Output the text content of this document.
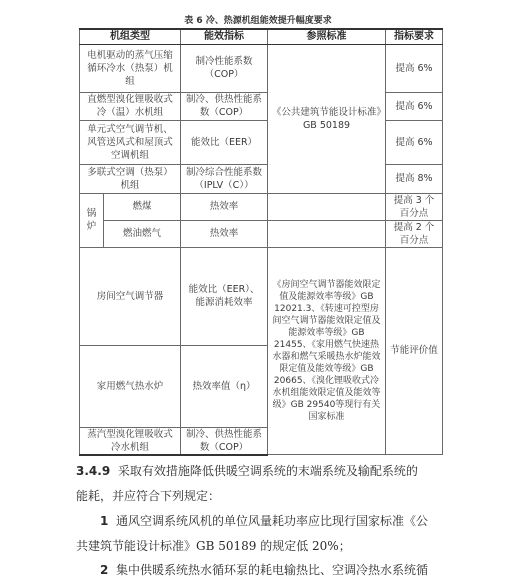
表 6 冷、热源机组能效提升幅度要求
机组类型		能效指标	参照标准	指标要求
电机驱动的蒸气压缩循环冷水（热泵）机组		制冷性能系数（COP）	《公共建筑节能设计标准》GB 50189	提高 6%
直燃型溴化锂吸收式冷（温）水机组		制冷、供热性能系数（COP）		提高 6%
单元式空气调节机、风管送风式和屋顶式空调机组		能效比（EER）		提高 6%
多联式空调（热泵）机组		制冷综合性能系数（IPLV（C））		提高 8%
锅炉	燃煤	热效率		提高 3 个百分点
	燃油燃气	热效率		提高 2 个百分点
房间空气调节器		能效比（EER）、能源消耗效率	《房间空气调节器能效限定值及能源效率等级》GB 12021.3、《转速可控型房间空气调节器能效限定值及能源效率等级》GB 21455、《家用燃气快速热水器和燃气采暖热水炉能效限定值及能效等级》GB 20665、《溴化锂吸收式冷水机组能效限定值及能效等级》GB 29540等现行有关国家标准	节能评价值
家用燃气热水炉		热效率值（η）		
蒸汽型溴化锂吸收式冷水机组		制冷、供热性能系数（COP）		
3.4.9 采取有效措施降低供暖空调系统的末端系统及输配系统的
能耗，并应符合下列规定：
1 通风空调系统风机的单位风量耗功率应比现行国家标准《公
共建筑节能设计标准》GB 50189 的规定低 20%；
2 集中供暖系统热水循环泵的耗电输热比、空调冷热水系统循
